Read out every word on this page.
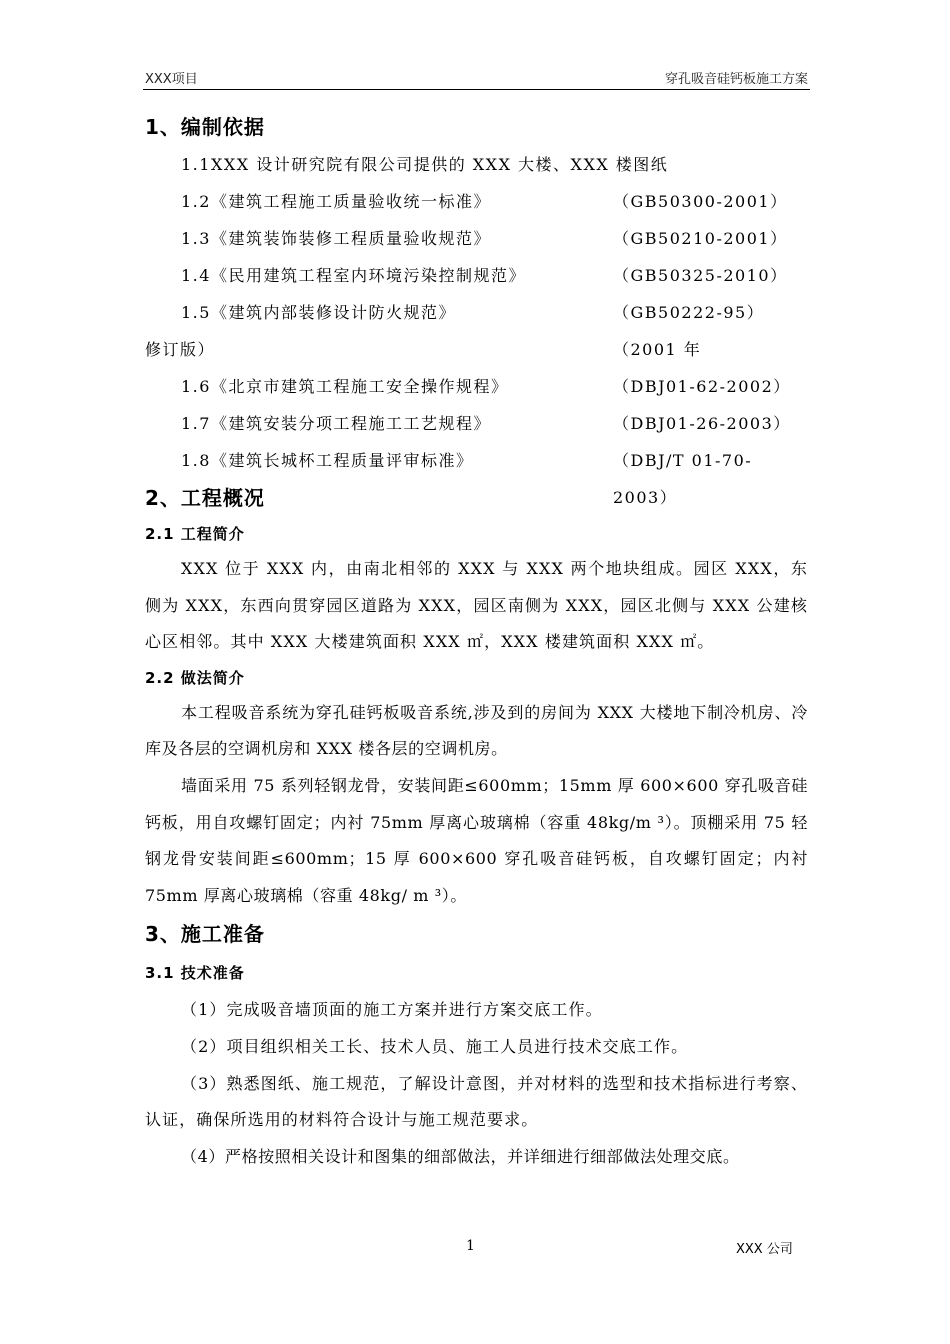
XXX项目	穿孔吸音硅钙板施工方案
1、编制依据
1.1XXX 设计研究院有限公司提供的 XXX 大楼、XXX 楼图纸
1.2《建筑工程施工质量验收统一标准》	（GB50300-2001）
1.3《建筑装饰装修工程质量验收规范》	（GB50210-2001）
1.4《民用建筑工程室内环境污染控制规范》	（GB50325-2010）
1.5《建筑内部装修设计防火规范》	（GB50222-95）（2001 年
修订版）
1.6《北京市建筑工程施工安全操作规程》	（DBJ01-62-2002）
1.7《建筑安装分项工程施工工艺规程》	（DBJ01-26-2003）
1.8《建筑长城杯工程质量评审标准》	（DBJ/T 01-70-2003）
2、工程概况
2.1 工程简介

XXX 位于 XXX 内，由南北相邻的 XXX 与 XXX 两个地块组成。园区 XXX，东侧为 XXX，东西向贯穿园区道路为 XXX，园区南侧为 XXX，园区北侧与 XXX 公建核心区相邻。其中 XXX 大楼建筑面积 XXX ㎡，XXX 楼建筑面积 XXX ㎡。

2.2 做法简介

本工程吸音系统为穿孔硅钙板吸音系统,涉及到的房间为 XXX 大楼地下制冷机房、冷库及各层的空调机房和 XXX 楼各层的空调机房。

墙面采用 75 系列轻钢龙骨，安装间距≤600mm；15mm 厚 600×600 穿孔吸音硅钙板，用自攻螺钉固定；内衬 75mm 厚离心玻璃棉（容重 48kg/m ³）。顶棚采用 75 轻钢龙骨安装间距≤600mm；15 厚 600×600 穿孔吸音硅钙板，自攻螺钉固定；内衬 75mm 厚离心玻璃棉（容重 48kg/ m ³）。

3、施工准备
3.1 技术准备

（1）完成吸音墙顶面的施工方案并进行方案交底工作。

（2）项目组织相关工长、技术人员、施工人员进行技术交底工作。

（3）熟悉图纸、施工规范，了解设计意图，并对材料的选型和技术指标进行考察、认证，确保所选用的材料符合设计与施工规范要求。

（4）严格按照相关设计和图集的细部做法，并详细进行细部做法处理交底。

1	XXX 公司
